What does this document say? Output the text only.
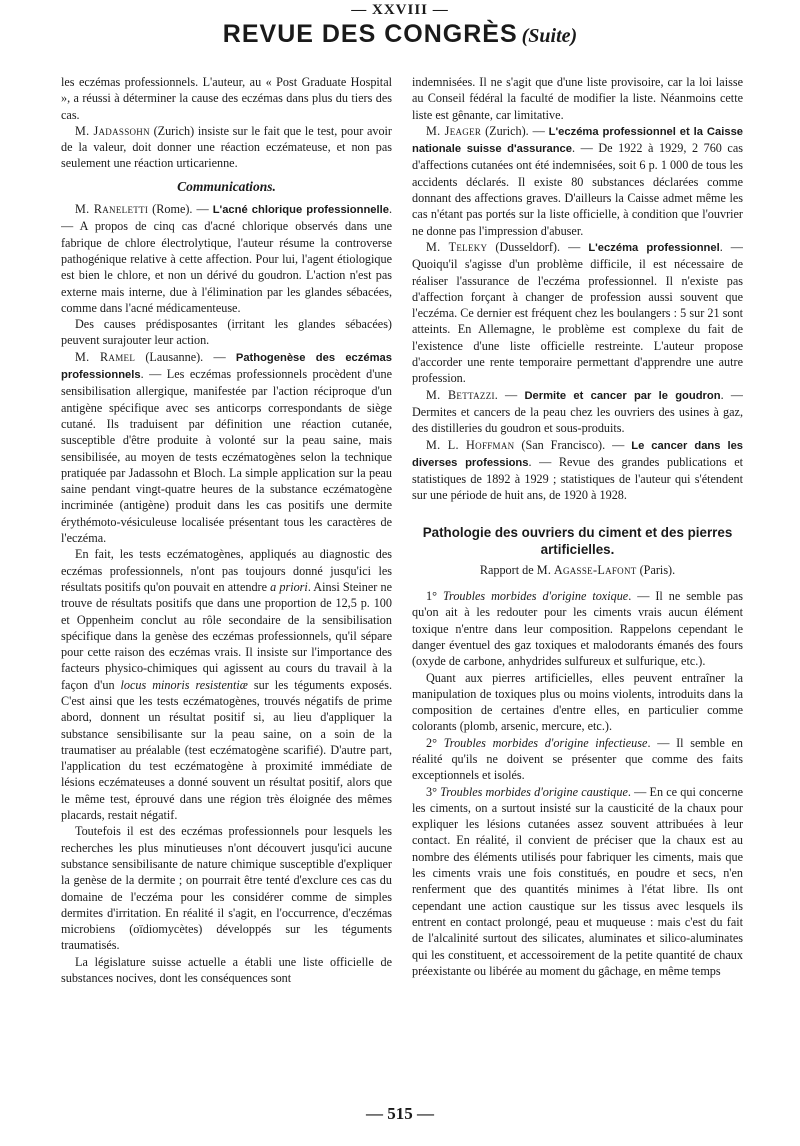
— XXVIII —
REVUE DES CONGRÈS (Suite)

les eczémas professionnels. L'auteur, au « Post Graduate Hospital », a réussi à déterminer la cause des eczémas dans plus du tiers des cas.

M. Jadassohn (Zurich) insiste sur le fait que le test, pour avoir de la valeur, doit donner une réaction eczémateuse, et non pas seulement une réaction urticarienne.

Communications.

M. Raneletti (Rome). — L'acné chlorique professionnelle. — A propos de cinq cas d'acné chlorique observés dans une fabrique de chlore électrolytique, l'auteur résume la controverse pathogénique relative à cette affection. Pour lui, l'agent étiologique est bien le chlore, et non un dérivé du goudron. L'action n'est pas externe mais interne, due à l'élimination par les glandes sébacées, comme dans l'acné médicamenteuse.

Des causes prédisposantes (irritant les glandes sébacées) peuvent surajouter leur action.

M. Ramel (Lausanne). — Pathogenèse des eczémas professionnels. — Les eczémas professionnels procèdent d'une sensibilisation allergique, manifestée par l'action réciproque d'un antigène spécifique avec ses anticorps correspondants de siège cutané. Ils traduisent par définition une réaction cutanée, susceptible d'être produite à volonté sur la peau saine, mais sensibilisée, au moyen de tests eczématogènes selon la technique pratiquée par Jadassohn et Bloch. La simple application sur la peau saine pendant vingt-quatre heures de la substance eczématogène incriminée (antigène) produit dans les cas positifs une dermite érythémoto-vésiculeuse localisée présentant tous les caractères de l'eczéma.

En fait, les tests eczématogènes, appliqués au diagnostic des eczémas professionnels, n'ont pas toujours donné jusqu'ici les résultats positifs qu'on pouvait en attendre a priori. Ainsi Steiner ne trouve de résultats positifs que dans une proportion de 12,5 p. 100 et Oppenheim conclut au rôle secondaire de la sensibilisation spécifique dans la genèse des eczémas professionnels, qu'il sépare pour cette raison des eczémas vrais. Il insiste sur l'importance des facteurs physico-chimiques qui agissent au cours du travail à la façon d'un locus minoris resistentiæ sur les téguments exposés. C'est ainsi que les tests eczématogènes, trouvés négatifs de prime abord, donnent un résultat positif si, au lieu d'appliquer la substance sensibilisante sur la peau saine, on a soin de la traumatiser au préalable (test eczématogène scarifié). D'autre part, l'application du test eczématogène à proximité immédiate de lésions eczémateuses a donné souvent un résultat positif, alors que le même test, éprouvé dans une région très éloignée des mêmes placards, restait négatif.

Toutefois il est des eczémas professionnels pour lesquels les recherches les plus minutieuses n'ont découvert jusqu'ici aucune substance sensibilisante de nature chimique susceptible d'expliquer la genèse de la dermite ; on pourrait être tenté d'exclure ces cas du domaine de l'eczéma pour les considérer comme de simples dermites d'irritation. En réalité il s'agit, en l'occurrence, d'eczémas microbiens (oïdiomycètes) développés sur les téguments traumatisés.

La législature suisse actuelle a établi une liste officielle de substances nocives, dont les conséquences sont

indemnisées. Il ne s'agit que d'une liste provisoire, car la loi laisse au Conseil fédéral la faculté de modifier la liste. Néanmoins cette liste est gênante, car limitative.

M. Jeager (Zurich). — L'eczéma professionnel et la Caisse nationale suisse d'assurance. — De 1922 à 1929, 2 760 cas d'affections cutanées ont été indemnisées, soit 6 p. 1 000 de tous les accidents déclarés. Il existe 80 substances déclarées comme donnant des affections graves. D'ailleurs la Caisse admet même les cas n'étant pas portés sur la liste officielle, à condition que l'ouvrier ne donne pas l'impression d'abuser.

M. Teleky (Dusseldorf). — L'eczéma professionnel. — Quoiqu'il s'agisse d'un problème difficile, il est nécessaire de réaliser l'assurance de l'eczéma professionnel. Il n'existe pas d'affection forçant à changer de profession aussi souvent que l'eczéma. Ce dernier est fréquent chez les boulangers : 5 sur 21 sont atteints. En Allemagne, le problème est complexe du fait de l'existence d'une liste officielle restreinte. L'auteur propose d'accorder une rente temporaire permettant d'apprendre une autre profession.

M. Bettazzi. — Dermite et cancer par le goudron. — Dermites et cancers de la peau chez les ouvriers des usines à gaz, des distilleries du goudron et sous-produits.

M. L. Hoffman (San Francisco). — Le cancer dans les diverses professions. — Revue des grandes publications et statistiques de 1892 à 1929 ; statistiques de l'auteur qui s'étendent sur une période de huit ans, de 1920 à 1928.

Pathologie des ouvriers du ciment et des pierres artificielles.
Rapport de M. Agasse-Lafont (Paris).

1° Troubles morbides d'origine toxique. — Il ne semble pas qu'on ait à les redouter pour les ciments vrais aucun élément toxique n'entre dans leur composition. Rappelons cependant le danger éventuel des gaz toxiques et malodorants émanés des fours (oxyde de carbone, anhydrides sulfureux et sulfurique, etc.).

Quant aux pierres artificielles, elles peuvent entraîner la manipulation de toxiques plus ou moins violents, introduits dans la composition de certaines d'entre elles, en particulier comme colorants (plomb, arsenic, mercure, etc.).

2° Troubles morbides d'origine infectieuse. — Il semble en réalité qu'ils ne doivent se présenter que comme des faits exceptionnels et isolés.

3° Troubles morbides d'origine caustique. — En ce qui concerne les ciments, on a surtout insisté sur la causticité de la chaux pour expliquer les lésions cutanées assez souvent attribuées à leur contact. En réalité, il convient de préciser que la chaux est au nombre des éléments utilisés pour fabriquer les ciments, mais que les ciments vrais une fois constitués, en poudre et secs, n'en renferment que des quantités minimes à l'état libre. Ils ont cependant une action caustique sur les tissus avec lesquels ils entrent en contact prolongé, peau et muqueuse : mais c'est du fait de l'alcalinité surtout des silicates, aluminates et silico-aluminates qui les constituent, et accessoirement de la petite quantité de chaux préexistante ou libérée au moment du gâchage, en même temps

— 515 —
